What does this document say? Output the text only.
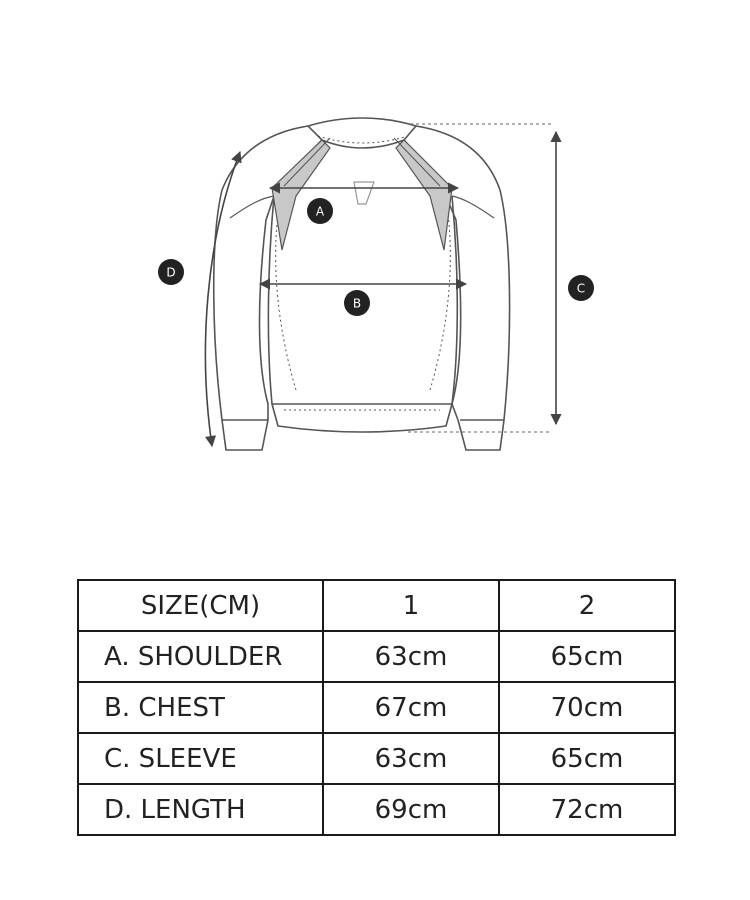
A
B
C
D
SIZE(CM)	1	2
A. SHOULDER	63cm	65cm
B. CHEST	67cm	70cm
C. SLEEVE	63cm	65cm
D. LENGTH	69cm	72cm
